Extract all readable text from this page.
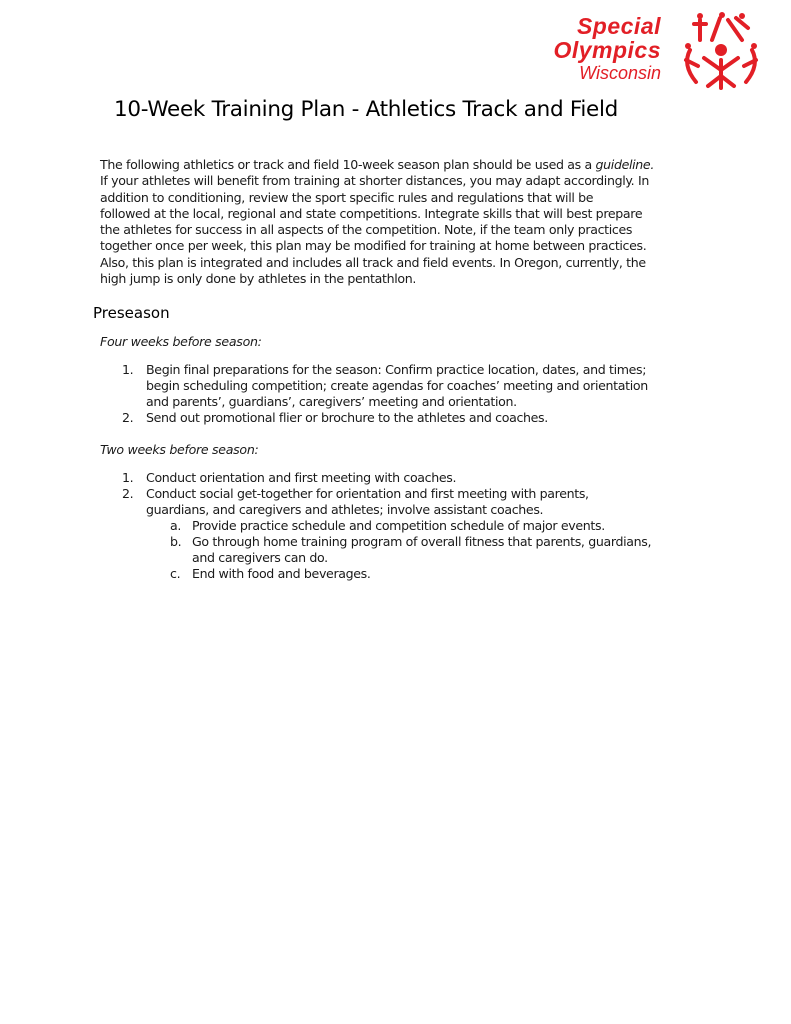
Special
Olympics
Wisconsin
10-Week Training Plan - Athletics Track and Field
The following athletics or track and field 10-week season plan should be used as a guideline.
If your athletes will benefit from training at shorter distances, you may adapt accordingly. In
addition to conditioning, review the sport specific rules and regulations that will be
followed at the local, regional and state competitions. Integrate skills that will best prepare
the athletes for success in all aspects of the competition. Note, if the team only practices
together once per week, this plan may be modified for training at home between practices.
Also, this plan is integrated and includes all track and field events. In Oregon, currently, the
high jump is only done by athletes in the pentathlon.
Preseason
Four weeks before season:
1. Begin final preparations for the season: Confirm practice location, dates, and times;
begin scheduling competition; create agendas for coaches’ meeting and orientation
and parents’, guardians’, caregivers’ meeting and orientation.
2. Send out promotional flier or brochure to the athletes and coaches.
Two weeks before season:
1. Conduct orientation and first meeting with coaches.
2. Conduct social get-together for orientation and first meeting with parents,
guardians, and caregivers and athletes; involve assistant coaches.
a. Provide practice schedule and competition schedule of major events.
b. Go through home training program of overall fitness that parents, guardians,
and caregivers can do.
c. End with food and beverages.
